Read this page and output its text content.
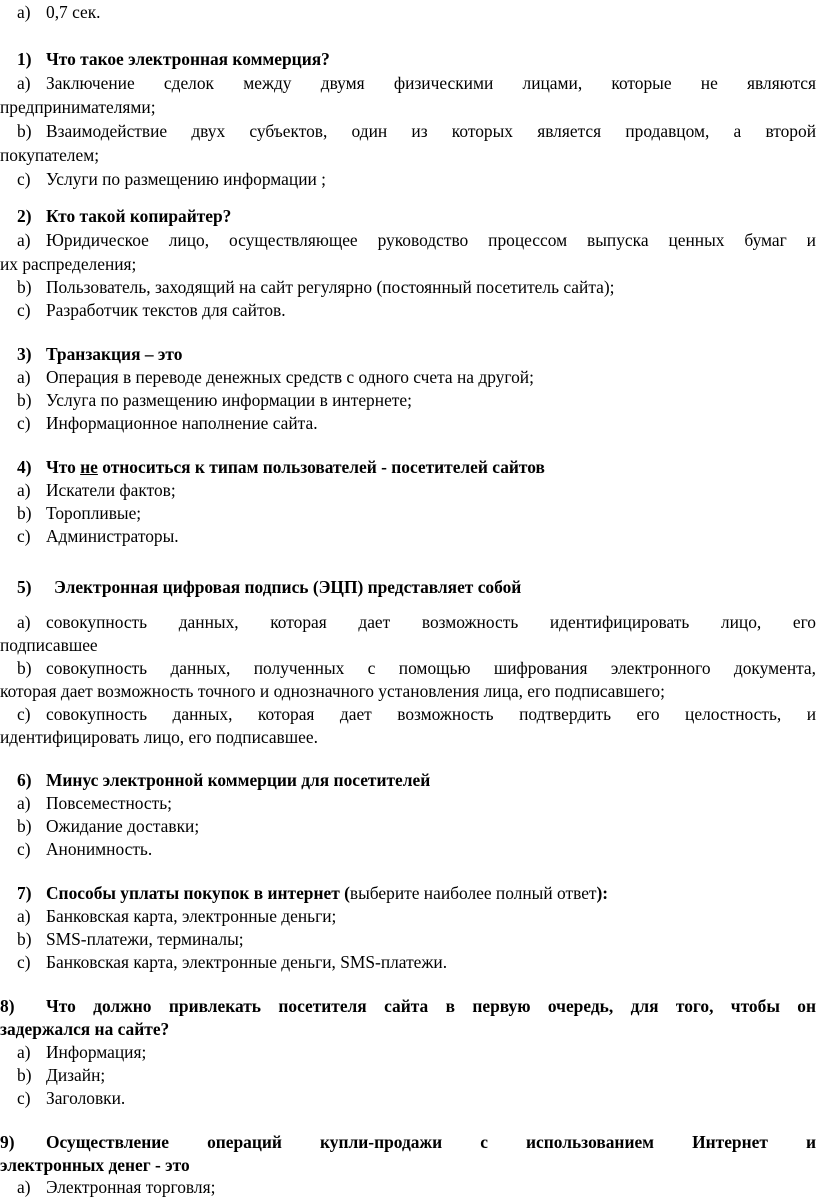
a) 0,7 сек.
1) Что такое электронная коммерция?
a) Заключение сделок между двумя физическими лицами, которые не являются
предпринимателями;
b) Взаимодействие двух субъектов, один из которых является продавцом, а второй
покупателем;
c) Услуги по размещению информации ;
2) Кто такой копирайтер?
a) Юридическое лицо, осуществляющее руководство процессом выпуска ценных бумаг и
их распределения;
b) Пользователь, заходящий на сайт регулярно (постоянный посетитель сайта);
c) Разработчик текстов для сайтов.
3) Транзакция – это
a) Операция в переводе денежных средств с одного счета на другой;
b) Услуга по размещению информации в интернете;
c) Информационное наполнение сайта.
4) Что не относиться к типам пользователей - посетителей сайтов
a) Искатели фактов;
b) Торопливые;
c) Администраторы.
5) Электронная цифровая подпись (ЭЦП) представляет собой
a) совокупность данных, которая дает возможность идентифицировать лицо, его
подписавшее
b) совокупность данных, полученных с помощью шифрования электронного документа,
которая дает возможность точного и однозначного установления лица, его подписавшего;
c) совокупность данных, которая дает возможность подтвердить его целостность, и
идентифицировать лицо, его подписавшее.
6) Минус электронной коммерции для посетителей
a) Повсеместность;
b) Ожидание доставки;
c) Анонимность.
7) Способы уплаты покупок в интернет (выберите наиболее полный ответ):
a) Банковская карта, электронные деньги;
b) SMS-платежи, терминалы;
c) Банковская карта, электронные деньги, SMS-платежи.
8) Что должно привлекать посетителя сайта в первую очередь, для того, чтобы он
задержался на сайте?
a) Информация;
b) Дизайн;
c) Заголовки.
9) Осуществление операций купли-продажи с использованием Интернет и
электронных денег - это
a) Электронная торговля;
